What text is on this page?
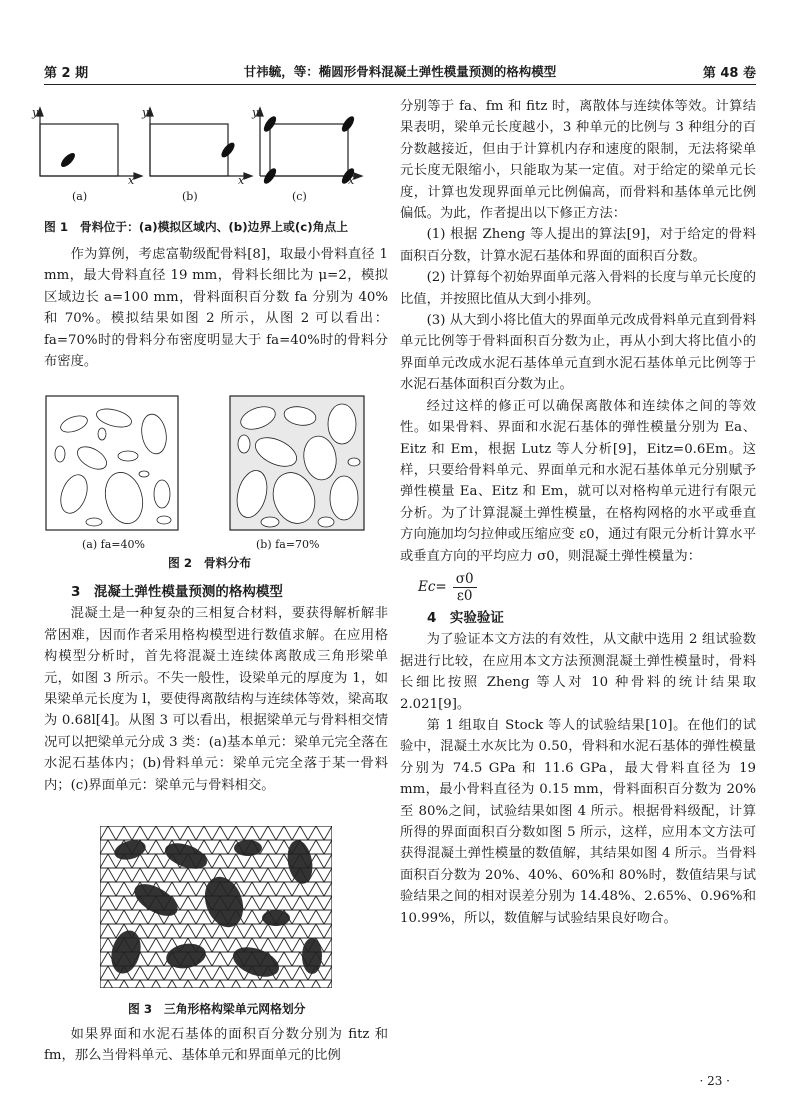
第 2 期	甘祎毓，等：椭圆形骨料混凝土弹性模量预测的格构模型	第 48 卷
y	y	y
x	x	x
(a)	(b)	(c)
图 1　骨料位于：(a)模拟区域内、(b)边界上或(c)角点上

作为算例，考虑富勒级配骨料[8]，取最小骨料直径 1 mm，最大骨料直径 19 mm，骨料长细比为 μ=2，模拟区域边长 a=100 mm，骨料面积百分数 fa 分别为 40%和 70%。模拟结果如图 2 所示，从图 2 可以看出：fa=70%时的骨料分布密度明显大于 fa=40%时的骨料分布密度。

(a) fa=40%	(b) fa=70%
图 2　骨料分布

3　混凝土弹性模量预测的格构模型

混凝土是一种复杂的三相复合材料，要获得解析解非常困难，因而作者采用格构模型进行数值求解。在应用格构模型分析时，首先将混凝土连续体离散成三角形梁单元，如图 3 所示。不失一般性，设梁单元的厚度为 1，如果梁单元长度为 l，要使得离散结构与连续体等效，梁高取为 0.68l[4]。从图 3 可以看出，根据梁单元与骨料相交情况可以把梁单元分成 3 类：(a)基本单元：梁单元完全落在水泥石基体内；(b)骨料单元：梁单元完全落于某一骨料内；(c)界面单元：梁单元与骨料相交。

图 3　三角形格构梁单元网格划分

如果界面和水泥石基体的面积百分数分别为 fitz 和 fm，那么当骨料单元、基体单元和界面单元的比例

分别等于 fa、fm 和 fitz 时，离散体与连续体等效。计算结果表明，梁单元长度越小，3 种单元的比例与 3 种组分的百分数越接近，但由于计算机内存和速度的限制，无法将梁单元长度无限缩小，只能取为某一定值。对于给定的梁单元长度，计算也发现界面单元比例偏高，而骨料和基体单元比例偏低。为此，作者提出以下修正方法：

(1) 根据 Zheng 等人提出的算法[9]，对于给定的骨料面积百分数，计算水泥石基体和界面的面积百分数。

(2) 计算每个初始界面单元落入骨料的长度与单元长度的比值，并按照比值从大到小排列。

(3) 从大到小将比值大的界面单元改成骨料单元直到骨料单元比例等于骨料面积百分数为止，再从小到大将比值小的界面单元改成水泥石基体单元直到水泥石基体单元比例等于水泥石基体面积百分数为止。

经过这样的修正可以确保离散体和连续体之间的等效性。如果骨料、界面和水泥石基体的弹性模量分别为 Ea、Eitz 和 Em，根据 Lutz 等人分析[9]，Eitz=0.6Em。这样，只要给骨料单元、界面单元和水泥石基体单元分别赋予弹性模量 Ea、Eitz 和 Em，就可以对格构单元进行有限元分析。为了计算混凝土弹性模量，在格构网格的水平或垂直方向施加均匀拉伸或压缩应变 ε0，通过有限元分析计算水平或垂直方向的平均应力 σ0，则混凝土弹性模量为：

$Ec= \frac{\sigma 0}{\varepsilon 0}$

4　实验验证

为了验证本文方法的有效性，从文献中选用 2 组试验数据进行比较，在应用本文方法预测混凝土弹性模量时，骨料长细比按照 Zheng 等人对 10 种骨料的统计结果取 2.021[9]。

第 1 组取自 Stock 等人的试验结果[10]。在他们的试验中，混凝土水灰比为 0.50，骨料和水泥石基体的弹性模量分别为 74.5 GPa 和 11.6 GPa，最大骨料直径为 19 mm，最小骨料直径为 0.15 mm，骨料面积百分数为 20%至 80%之间，试验结果如图 4 所示。根据骨料级配，计算所得的界面面积百分数如图 5 所示，这样，应用本文方法可获得混凝土弹性模量的数值解，其结果如图 4 所示。当骨料面积百分数为 20%、40%、60%和 80%时，数值结果与试验结果之间的相对误差分别为 14.48%、2.65%、0.96%和 10.99%，所以，数值解与试验结果良好吻合。

· 23 ·
